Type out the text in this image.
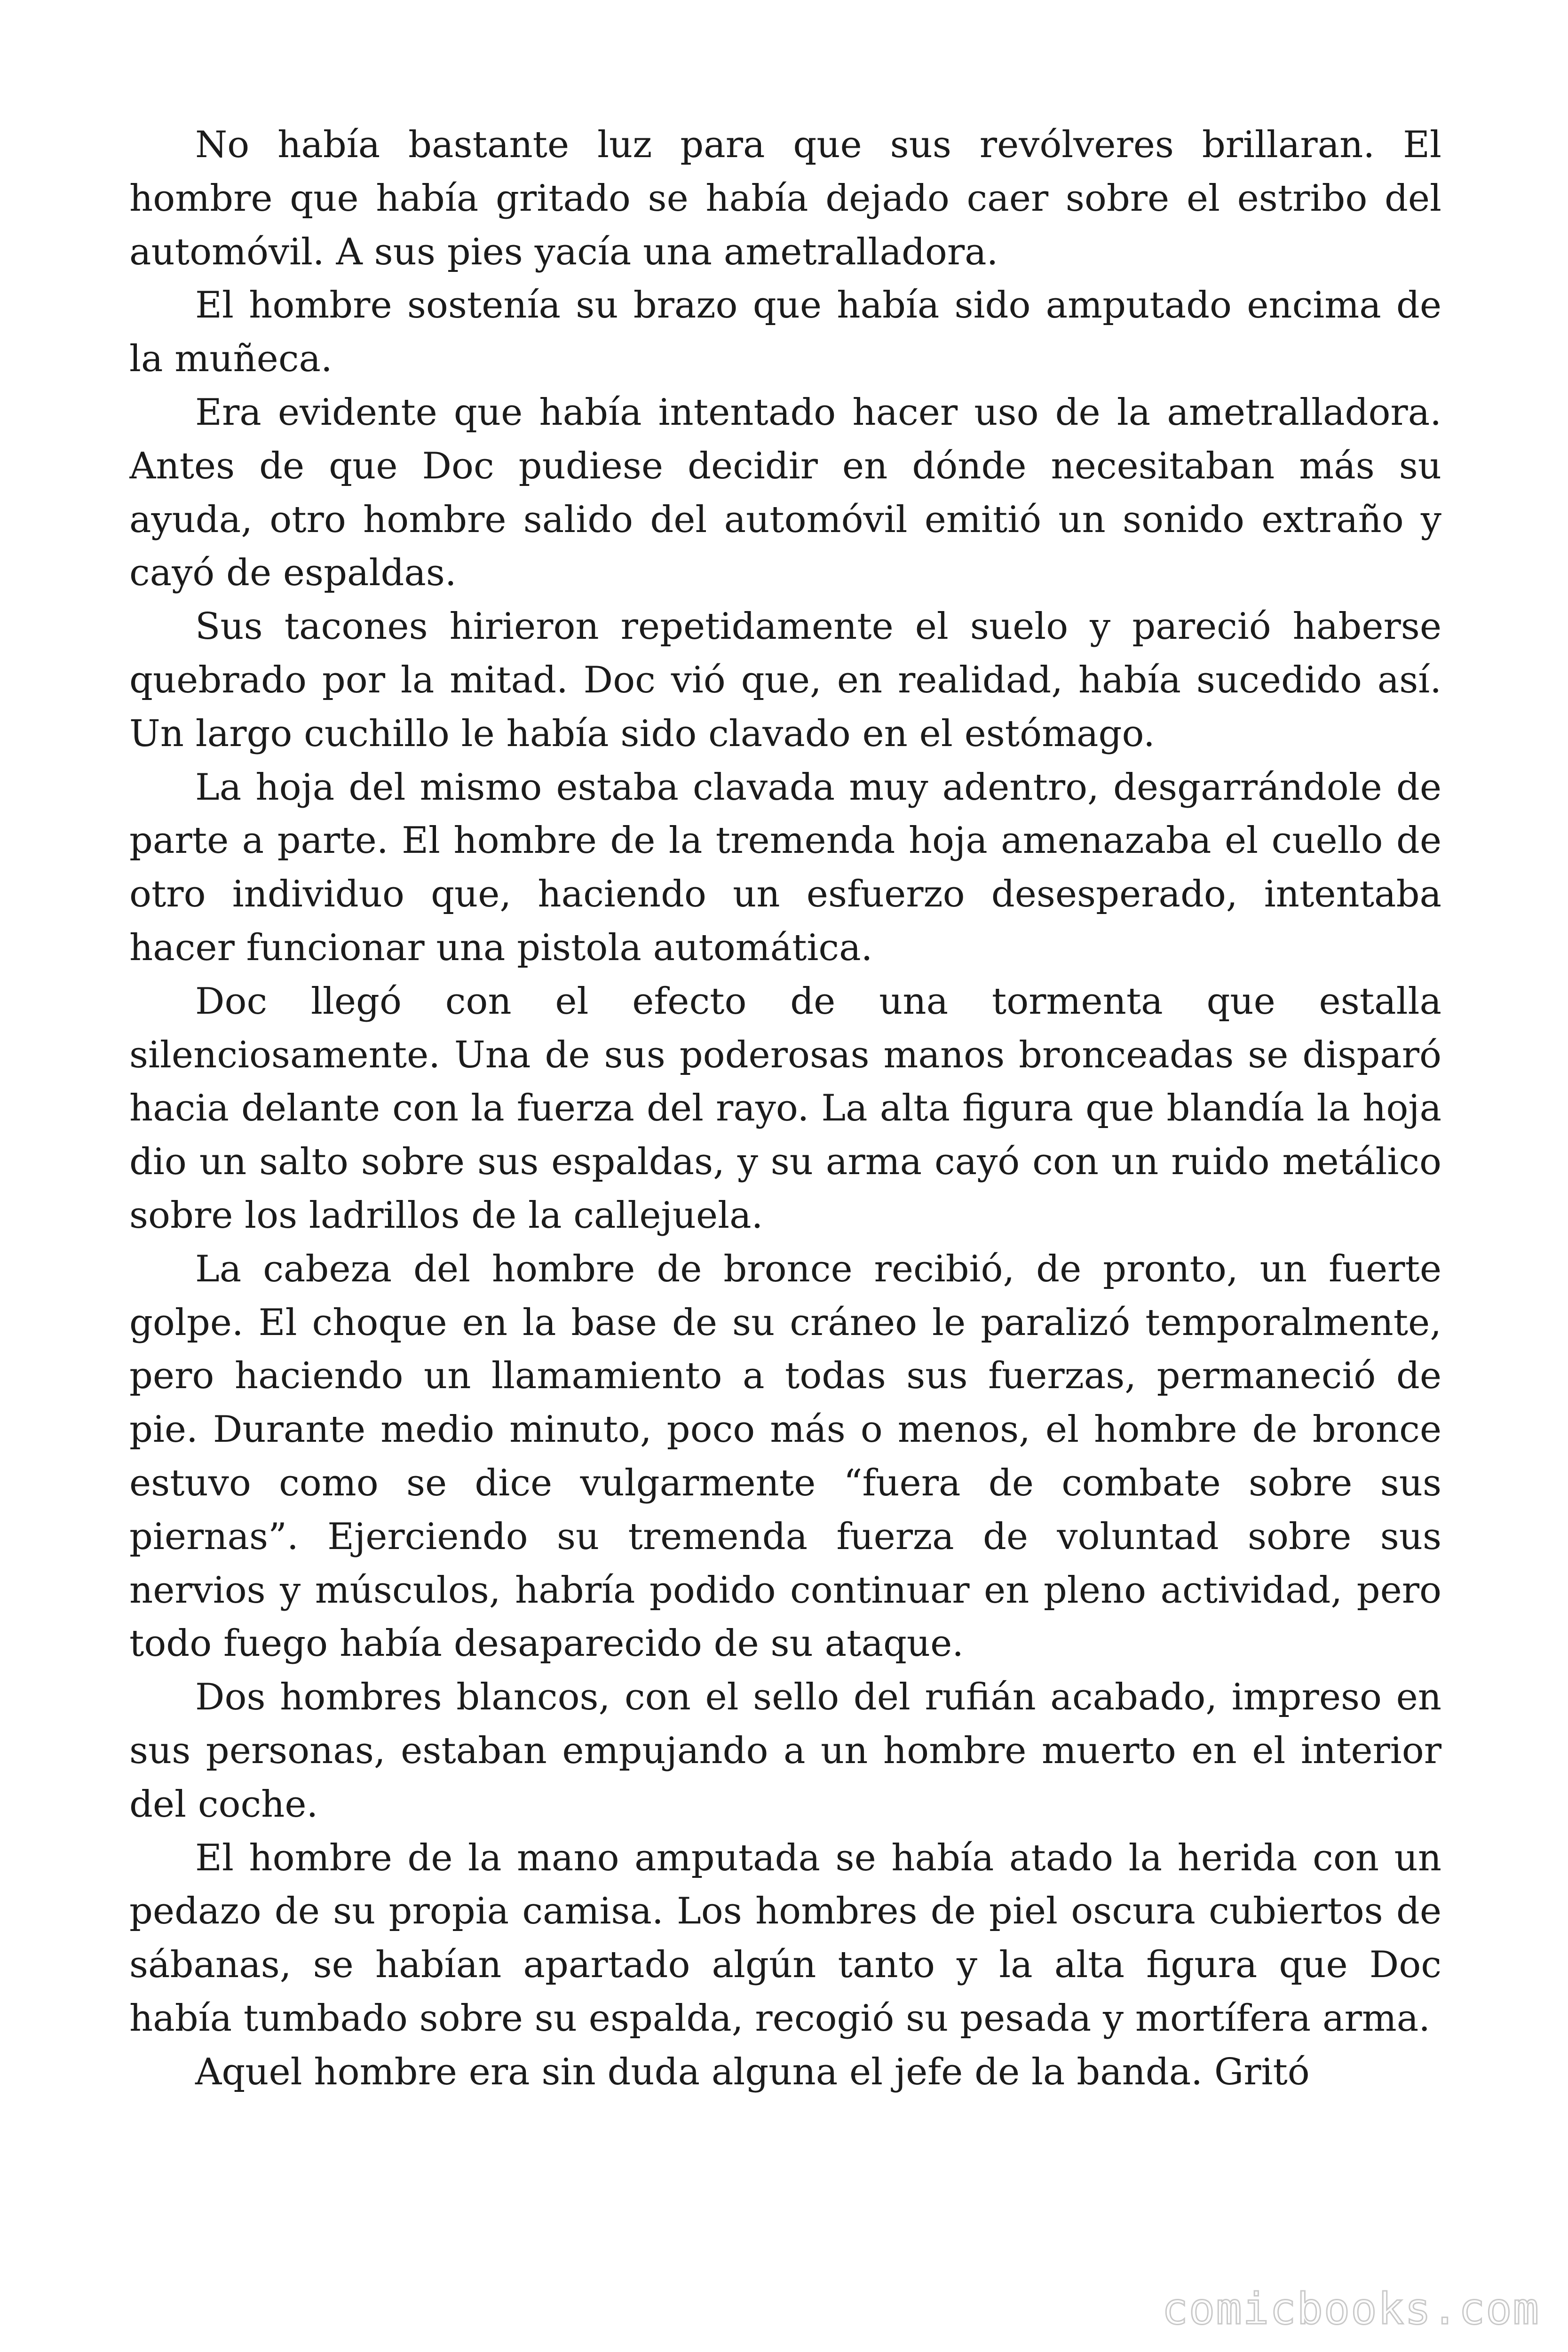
No había bastante luz para que sus revólveres brillaran. El hombre que había gritado se había dejado caer sobre el estribo del automóvil. A sus pies yacía una ametralladora.

El hombre sostenía su brazo que había sido amputado encima de la muñeca.

Era evidente que había intentado hacer uso de la ametralladora. Antes de que Doc pudiese decidir en dónde necesitaban más su ayuda, otro hombre salido del automóvil emitió un sonido extraño y cayó de espaldas.

Sus tacones hirieron repetidamente el suelo y pareció haberse quebrado por la mitad. Doc vió que, en realidad, había sucedido así. Un largo cuchillo le había sido clavado en el estómago.

La hoja del mismo estaba clavada muy adentro, desgarrándole de parte a parte. El hombre de la tremenda hoja amenazaba el cuello de otro individuo que, haciendo un esfuerzo desesperado, intentaba hacer funcionar una pistola automática.

Doc llegó con el efecto de una tormenta que estalla silenciosamente. Una de sus poderosas manos bronceadas se disparó hacia delante con la fuerza del rayo. La alta figura que blandía la hoja dio un salto sobre sus espaldas, y su arma cayó con un ruido metálico sobre los ladrillos de la callejuela.

La cabeza del hombre de bronce recibió, de pronto, un fuerte golpe. El choque en la base de su cráneo le paralizó temporalmente, pero haciendo un llamamiento a todas sus fuerzas, permaneció de pie. Durante medio minuto, poco más o menos, el hombre de bronce estuvo como se dice vulgarmente “fuera de combate sobre sus piernas”. Ejerciendo su tremenda fuerza de voluntad sobre sus nervios y músculos, habría podido continuar en pleno actividad, pero todo fuego había desaparecido de su ataque.

Dos hombres blancos, con el sello del rufián acabado, impreso en sus personas, estaban empujando a un hombre muerto en el interior del coche.

El hombre de la mano amputada se había atado la herida con un pedazo de su propia camisa. Los hombres de piel oscura cubiertos de sábanas, se habían apartado algún tanto y la alta figura que Doc había tumbado sobre su espalda, recogió su pesada y mortífera arma.

Aquel hombre era sin duda alguna el jefe de la banda. Gritó

comicbooks.com
